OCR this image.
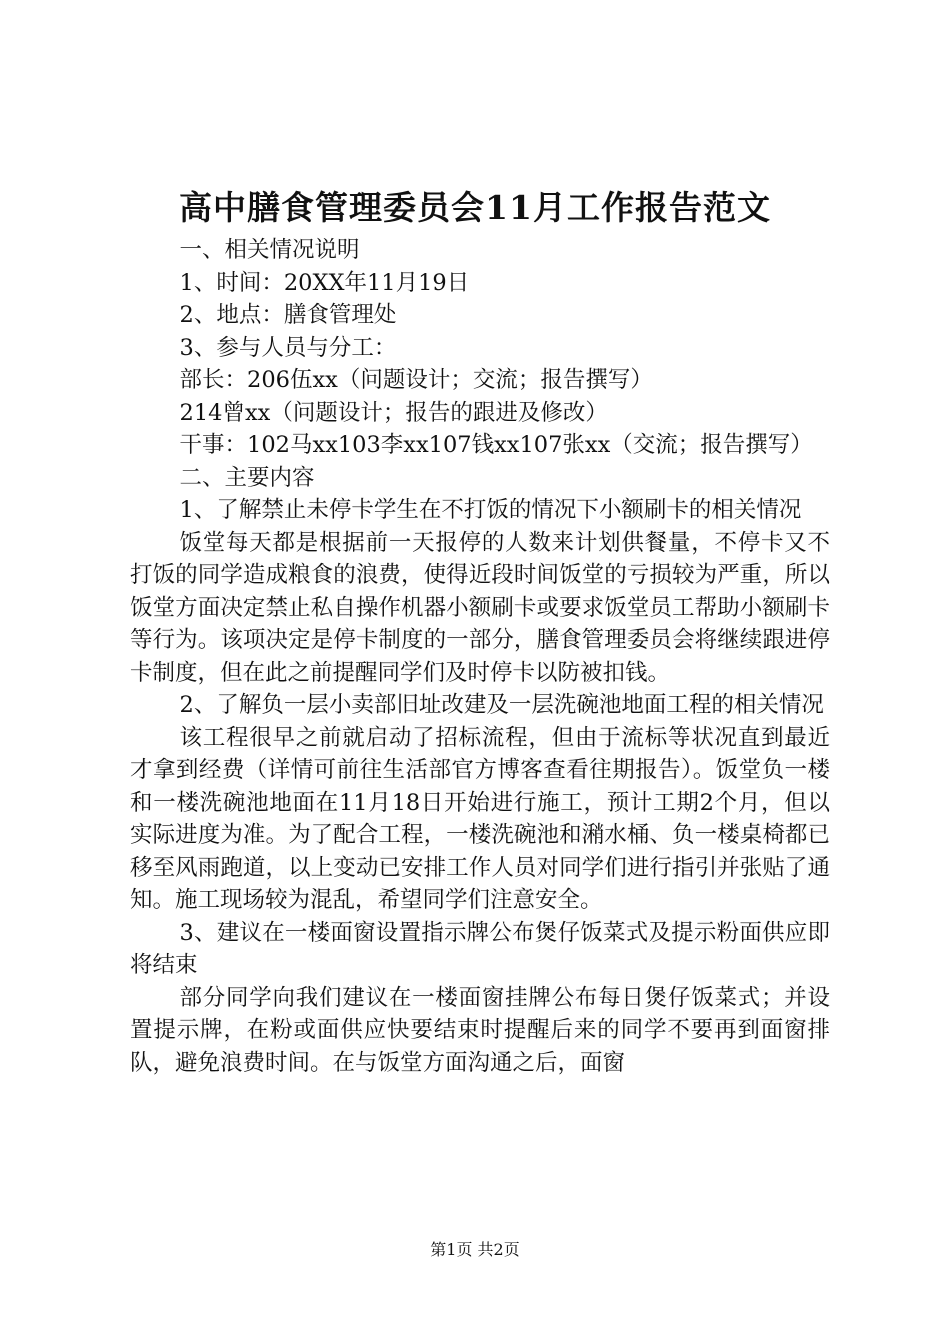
高中膳食管理委员会11月工作报告范文

一、相关情况说明

1、时间：20XX年11月19日

2、地点：膳食管理处

3、参与人员与分工：

部长：206伍xx（问题设计；交流；报告撰写）

214曾xx（问题设计；报告的跟进及修改）

干事：102马xx103李xx107钱xx107张xx（交流；报告撰写）

二、主要内容

1、了解禁止未停卡学生在不打饭的情况下小额刷卡的相关情况

饭堂每天都是根据前一天报停的人数来计划供餐量，不停卡又不打饭的同学造成粮食的浪费，使得近段时间饭堂的亏损较为严重，所以饭堂方面决定禁止私自操作机器小额刷卡或要求饭堂员工帮助小额刷卡等行为。该项决定是停卡制度的一部分，膳食管理委员会将继续跟进停卡制度，但在此之前提醒同学们及时停卡以防被扣钱。

2、了解负一层小卖部旧址改建及一层洗碗池地面工程的相关情况

该工程很早之前就启动了招标流程，但由于流标等状况直到最近才拿到经费（详情可前往生活部官方博客查看往期报告）。饭堂负一楼和一楼洗碗池地面在11月18日开始进行施工，预计工期2个月，但以实际进度为准。为了配合工程，一楼洗碗池和潲水桶、负一楼桌椅都已移至风雨跑道，以上变动已安排工作人员对同学们进行指引并张贴了通知。施工现场较为混乱，希望同学们注意安全。

3、建议在一楼面窗设置指示牌公布煲仔饭菜式及提示粉面供应即将结束

部分同学向我们建议在一楼面窗挂牌公布每日煲仔饭菜式；并设置提示牌，在粉或面供应快要结束时提醒后来的同学不要再到面窗排队，避免浪费时间。在与饭堂方面沟通之后，面窗

第1页 共2页
